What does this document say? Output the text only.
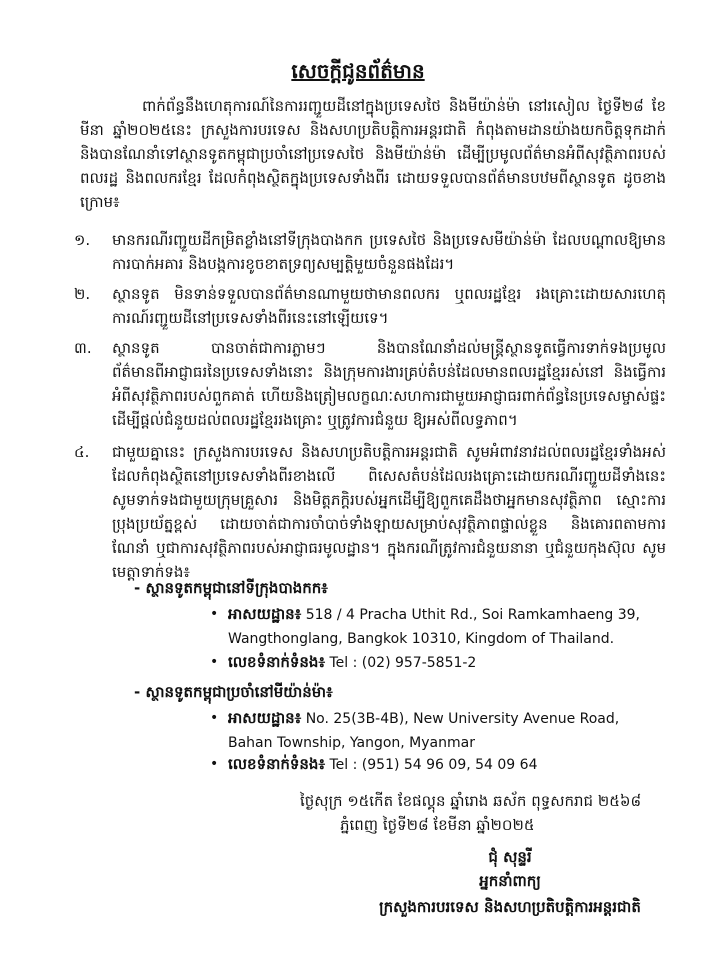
សេចក្តីជូនព័ត៌មាន
ពាក់ព័ន្ធនឹងហេតុការណ៍នៃការរញ្ជួយដីនៅក្នុងប្រទេសថៃ និងមីយ៉ាន់ម៉ា នៅរសៀល ថ្ងៃទី២៨ ខែមីនា ឆ្នាំ២០២៥នេះ ក្រសួងការបរទេស និងសហប្រតិបត្តិការអន្តរជាតិ កំពុងតាមដានយ៉ាងយកចិត្តទុកដាក់ និងបានណែនាំទៅស្ថានទូតកម្ពុជាប្រចាំនៅប្រទេសថៃ និងមីយ៉ាន់ម៉ា ដើម្បីប្រមូលព័ត៌មានអំពីសុវត្ថិភាពរបស់ពលរដ្ឋ និងពលករខ្មែរ ដែលកំពុងស្ថិតក្នុងប្រទេសទាំងពីរ ដោយទទួលបានព័ត៌មានបឋមពីស្ថានទូត ដូចខាងក្រោម៖
១. មានករណីរញ្ជួយដីកម្រិតខ្លាំងនៅទីក្រុងបាងកក ប្រទេសថៃ និងប្រទេសមីយ៉ាន់ម៉ា ដែលបណ្តាលឱ្យមានការបាក់អគារ និងបង្កការខូចខាតទ្រព្យសម្បត្តិមួយចំនួនផងដែរ។
២. ស្ថានទូត មិនទាន់ទទួលបានព័ត៌មានណាមួយថាមានពលករ ឬពលរដ្ឋខ្មែរ រងគ្រោះដោយសារហេតុការណ៍រញ្ជួយដីនៅប្រទេសទាំងពីរនេះនៅឡើយទេ។
៣. ស្ថានទូត បានចាត់ជាការភ្លាមៗ និងបានណែនាំដល់មន្ត្រីស្ថានទូតធ្វើការទាក់ទងប្រមូលព័ត៌មានពីអាជ្ញាធរនៃប្រទេសទាំងនោះ និងក្រុមការងារគ្រប់តំបន់ដែលមានពលរដ្ឋខ្មែររស់នៅ និងធ្វើការ អំពីសុវត្ថិភាពរបស់ពួកគាត់ ហើយនិងត្រៀមលក្ខណៈសហការជាមួយអាជ្ញាធរពាក់ព័ន្ធនៃប្រទេសម្ចាស់ផ្ទះ ដើម្បីផ្តល់ជំនួយដល់ពលរដ្ឋខ្មែររងគ្រោះ ឬត្រូវការជំនួយ ឱ្យអស់ពីលទ្ធភាព។
៤. ជាមួយគ្នានេះ ក្រសួងការបរទេស និងសហប្រតិបត្តិការអន្តរជាតិ សូមអំពាវនាវដល់ពលរដ្ឋខ្មែរទាំងអស់ ដែលកំពុងស្ថិតនៅប្រទេសទាំងពីរខាងលើ ពិសេសតំបន់ដែលរងគ្រោះដោយករណីរញ្ជួយដីទាំងនេះ សូមទាក់ទងជាមួយក្រុមគ្រួសារ និងមិត្តភក្តិរបស់អ្នកដើម្បីឱ្យពួកគេដឹងថាអ្នកមានសុវត្ថិភាព ស្មោះការប្រុងប្រយ័ត្នខ្ពស់ ដោយចាត់ជាការចាំបាច់ទាំងឡាយសម្រាប់សុវត្ថិភាពផ្ទាល់ខ្លួន និងគោរពតាមការណែនាំ ឬជាការសុវត្ថិភាពរបស់អាជ្ញាធរមូលដ្ឋាន។ ក្នុងករណីត្រូវការជំនួយនានា ឬជំនួយកុងស៊ុល សូមមេត្តាទាក់ទង៖
- ស្ថានទូតកម្ពុជានៅទីក្រុងបាងកក៖
• អាសយដ្ឋាន៖ 518 / 4 Pracha Uthit Rd., Soi Ramkamhaeng 39, Wangthonglang, Bangkok 10310, Kingdom of Thailand.
• លេខទំនាក់ទំនង៖ Tel : (02) 957-5851-2
- ស្ថានទូតកម្ពុជាប្រចាំនៅមីយ៉ាន់ម៉ា៖
• អាសយដ្ឋាន៖ No. 25(3B-4B), New University Avenue Road, Bahan Township, Yangon, Myanmar
• លេខទំនាក់ទំនង៖ Tel : (951) 54 96 09, 54 09 64
ថ្ងៃសុក្រ ១៥កើត ខែផល្គុន ឆ្នាំរោង ឆស័ក ពុទ្ធសករាជ ២៥៦៨
ភ្នំពេញ ថ្ងៃទី២៨ ខែមីនា ឆ្នាំ២០២៥
ជុំ សុន្ទរី
អ្នកនាំពាក្យ
ក្រសួងការបរទេស និងសហប្រតិបត្តិការអន្តរជាតិ
